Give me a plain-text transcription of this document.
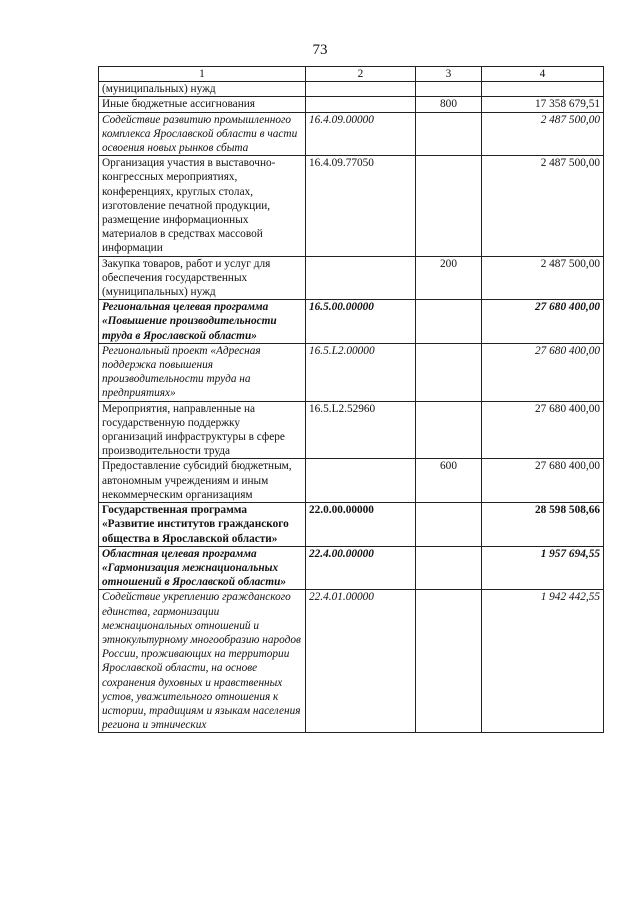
73
1	2	3	4
(муниципальных) нужд			
Иные бюджетные ассигнования		800	17 358 679,51
Содействие развитию промышленного комплекса Ярославской области в части освоения новых рынков сбыта	16.4.09.00000		2 487 500,00
Организация участия в выставочно-конгрессных мероприятиях, конференциях, круглых столах, изготовление печатной продукции, размещение информационных материалов в средствах массовой информации	16.4.09.77050		2 487 500,00
Закупка товаров, работ и услуг для обеспечения государственных (муниципальных) нужд		200	2 487 500,00
Региональная целевая программа «Повышение производительности труда в Ярославской области»	16.5.00.00000		27 680 400,00
Региональный проект «Адресная поддержка повышения производительности труда на предприятиях»	16.5.L2.00000		27 680 400,00
Мероприятия, направленные на государственную поддержку организаций инфраструктуры в сфере производительности труда	16.5.L2.52960		27 680 400,00
Предоставление субсидий бюджетным, автономным учреждениям и иным некоммерческим организациям		600	27 680 400,00
Государственная программа «Развитие институтов гражданского общества в Ярославской области»	22.0.00.00000		28 598 508,66
Областная целевая программа «Гармонизация межнациональных отношений в Ярославской области»	22.4.00.00000		1 957 694,55
Содействие укреплению гражданского единства, гармонизации межнациональных отношений и этнокультурному многообразию народов России, проживающих на территории Ярославской области, на основе сохранения духовных и нравственных устов, уважительного отношения к истории, традициям и языкам населения региона и этнических	22.4.01.00000		1 942 442,55
